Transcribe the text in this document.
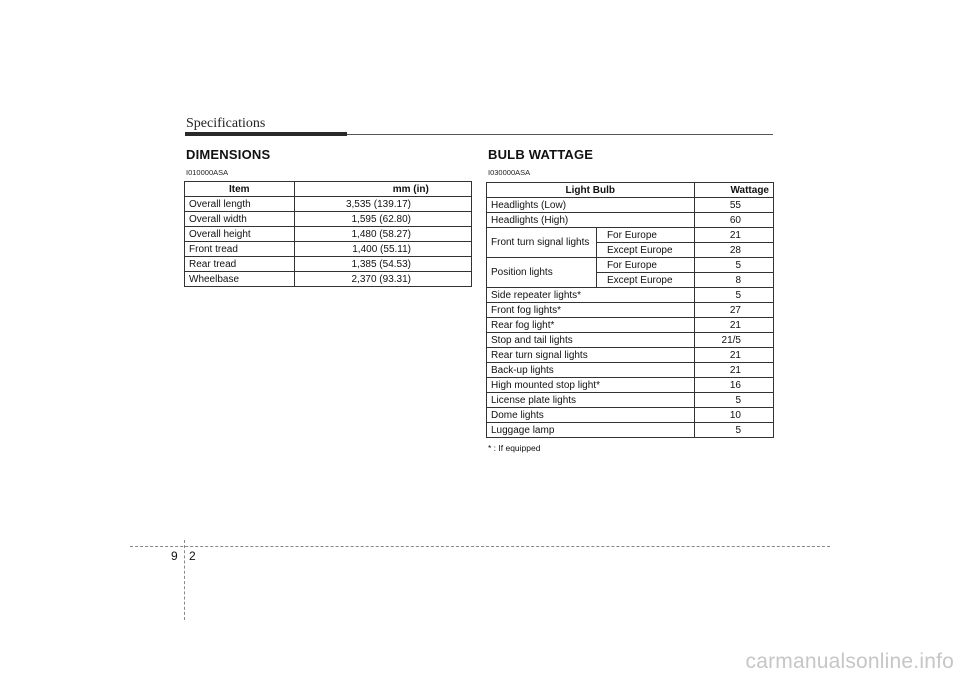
Specifications
DIMENSIONS
I010000ASA
Item	mm (in)
Overall length	3,535 (139.17)
Overall width	1,595 (62.80)
Overall height	1,480 (58.27)
Front tread	1,400 (55.11)
Rear tread	1,385 (54.53)
Wheelbase	2,370 (93.31)
BULB WATTAGE
I030000ASA
Light Bulb		Wattage
Headlights (Low)		55
Headlights (High)		60
Front turn signal lights	For Europe	21
	Except Europe	28
Position lights	For Europe	5
	Except Europe	8
Side repeater lights*		5
Front fog lights*		27
Rear fog light*		21
Stop and tail lights		21/5
Rear turn signal lights		21
Back-up lights		21
High mounted stop light*		16
License plate lights		5
Dome lights		10
Luggage lamp		5
* : If equipped
9 2
carmanualsonline.info
